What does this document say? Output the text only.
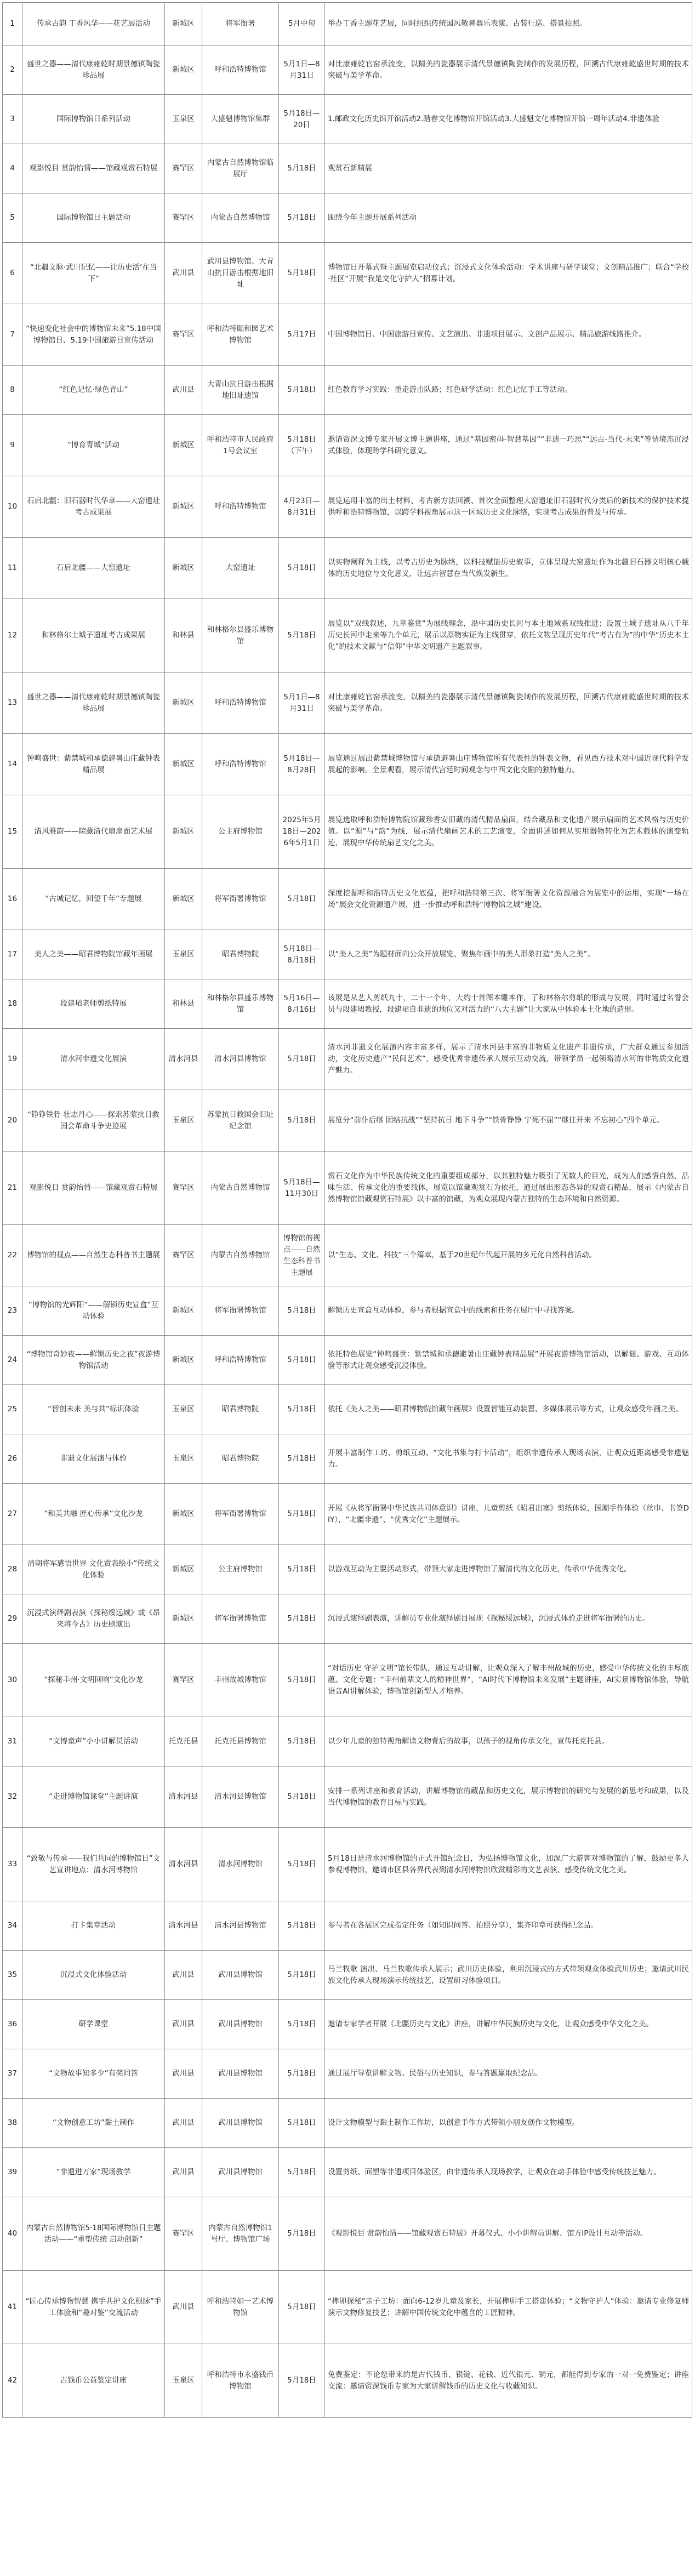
1	传承古韵 丁香风华——花艺展活动	新城区	将军衙署	5月中旬	举办丁香主题花艺展，同时组织传统国风敬晷器乐表演、古装行巡、搭景拍照。
2	盛世之器——清代康雍乾时期景德镇陶瓷珍品展	新城区	呼和浩特博物馆	5月1日—8月31日	对比康雍乾官窑承流变，以精美的瓷器展示清代景德镇陶瓷制作的发展历程，回溯古代康雍乾盛世时期的技术突破与美学革命。
3	国际博物馆日系列活动	玉泉区	大盛魁博物馆集群	5月18日—20日	1.邮政文化历史馆开馆活动2.踏春文化博物馆开馆活动3.大盛魁文化博物馆开馆一周年活动4.非遗体验
4	观影悦目 赏韵怡情——馆藏观赏石特展	赛罕区	内蒙古自然博物馆临展厅	5月18日	观赏石新精展
5	国际博物馆日主题活动	赛罕区	内蒙古自然博物馆	5月18日	围绕今年主题开展系列活动
6	“北疆文脉·武川记忆——让历史活’在当下”	武川县	武川县博物馆、大青山抗日游击根据地旧址	5月18日	博物馆日开幕式暨主题展览启动仪式；沉浸式文化体验活动：学术讲座与研学课堂；文创精品推广；联合“学校·社区”开展“我是文化守护人”招募计划。
7	“快速变化社会中的博物馆未来”5.18中国博物馆日、5.19中国旅游日宣传活动	赛罕区	呼和浩特颐和园艺术博物馆	5月17日	中国博物馆日、中国旅游日宣传、文艺演出、非遗项目展示、文创产品展示、精品旅游线路推介。
8	“红色记忆·绿色青山”	武川县	大青山抗日游击根据地旧址遗馆	5月18日	红色教育学习实践：重走游击队路；红色研学活动：红色记忆手工等活动。
9	“博育青城”活动	新城区	呼和浩特市人民政府1号会议室	5月18日（下午）	邀请资深文博专家开展文博主题讲座，通过“基因密码-智慧基因”“非遗一巧思”“远古-当代-未来”等情境态沉浸式体验，体现跨学科研究意义。
10	石启北疆：旧石器时代华章——大窑遗址考古成果展	新城区	呼和浩特博物馆	4月23日—8月31日	展览运用丰富的出土材料、考古新方法回溯、首次全面整理大窑遗址旧石器时代分类后的新技术的保护技术提供呼和浩特博物馆，以跨学科视角展示这一区域历史文化脉络，实现考古成果的普及与传承。
11	石启北疆——大窑遗址	新城区	大窑遗址	5月18日	以实物阐释为主线，以考古历史为脉络，以科技赋能历史叙事，立体呈现大窑遗址作为北疆旧石器文明核心载体的历史地位与文化意义，让远古智慧在当代焕发新生。
12	和林格尔土城子遗址考古成果展	和林县	和林格尔县盛乐博物馆	5月18日	展览以“双线叙述，九章鉴赏”为展线理念，沿中国历史长河与本土地域系双线推进；设置土城子遗址从八千年历史长河中走来等九个单元，展示以原物实证为主线贯穿，依托文物呈现历史年代“考古有为”的中华“历史本土化”的技术文献与“信仰”中华文明遗产主题叙事。
13	盛世之器——清代康雍乾时期景德镇陶瓷珍品展	新城区	呼和浩特博物馆	5月1日—8月31日	对比康雍乾官窑承流变，以精美的瓷器展示清代景德镇陶瓷制作的发展历程，回溯古代康雍乾盛世时期的技术突破与美学革命。
14	钟鸣盛世：紫禁城和承德避暑山庄藏钟表精品展	新城区	呼和浩特博物馆	5月18日—8月28日	展览通过展出紫禁城博物馆与承德避暑山庄博物馆所有代表性的钟表文物，看见西方技术对中国近现代科学发展起的影响，全景观看，展示清代宫廷时间观念与中西文化交融的独特魅力。
15	清风雅韵——院藏清代扇扇面艺术展	新城区	公主府博物馆	2025年5月18日—2026年5月1日	展览选取呼和浩特博物院馆藏珍香安旧藏的清代精品扇面，结合藏品和文化遗产展示扇面的艺术风格与历史价值。以“源”与“韵”为线，展示清代扇画艺术的工艺演变，全面讲述如何从实用器物转化为艺术载体的演变轨迹，展现中华传统扇艺文化之美。
16	“古城记忆，回望千年”专题展	新城区	将军衙署博物馆	5月18日	深度挖掘呼和浩特历史文化底蕴，把呼和浩特第三次、将军衙署文化资源融合为展览中的运用，实现“一场在场”展会文化资源遗产展，进一步推动呼和浩特“博物馆之城”建设。
17	美人之美——昭君博物院馆藏年画展	玉泉区	昭君博物院	5月18日—8月18日	以“美人之美”为题材面向公众开放展览，聚焦年画中的美人形象打造“美人之美”。
18	段建珺老师剪纸特展	和林县	和林格尔县盛乐博物馆	5月16日—8月16日	该展是从艺人剪纸九十，二十一个年，大约十首图本雕本作，了和林格尔剪纸的形成与发展，同时通过名誉会员与段建珺教授，段建珺自非遗的地位又对活力的“八大主题”让大家从中体验本土化地的造形。
19	清水河非遗文化展演	清水河县	清水河县博物馆	5月18日	清水河非遗文化展演内容丰富多样，展示了清水河县丰富的非物质文化遗产非遗传承，广大群众通过参加活动，文化历史遗产“民间艺术”，感受优秀非遗传承人展示互动交流，带领学员一起领略清水河的非物质文化遗产魅力。
20	“铮铮铁骨 壮志丹心——探索苏蒙抗日救国会革命斗争史迹展	玉泉区	苏蒙抗日救国会旧址纪念馆	5月18日	展览分“前仆后继 团结抗战”“坚持抗日 地下斗争”“铁骨铮铮 宁死不屈”“继往开来 不忘初心”四个单元。
21	观影悦目 赏韵怡情——馆藏观赏石特展	赛罕区	内蒙古自然博物馆	5月18日—11月30日	赏石文化作为中华民族传统文化的重要组成部分，以其独特魅力吸引了无数人的目光，成为人们感悟自然、品味生活、传承文化的重要载体，展览以馆藏观赏石为依托，通过展出形态各异的观赏石精品，展示《内蒙古自然博物馆馆藏观赏石特展》以丰富的馆藏，为观众展现内蒙古独特的生态环境和自然资源。
22	博物馆的视点——自然生态科普书主题展	赛罕区	内蒙古自然博物馆	博物馆的视点——自然生态科普书主题展	以“生态、文化、科技”三个篇章，基于20世纪年代起开展的多元化自然科普活动。
23	“博物馆的光辉阳”——解锁历史宣盒”互动体验	新城区	将军衙署博物馆	5月18日	解锁历史宣盒互动体验，参与者根据宣盒中的线索和任务在展厅中寻找答案。
24	“博物馆奇妙夜——解锁历史之夜”夜游博物馆活动	新城区	呼和浩特博物馆	5月18日	依托特色展览“钟鸣盛世：紫禁城和承德避暑山庄藏钟表精品展”开展夜游博物馆活动，以解谜、游戏、互动体验等形式让观众感受沉浸体验。
25	“智创未来 美与共”标识体验	玉泉区	昭君博物院	5月18日	依托《美人之美——昭君博物院馆藏年画展》设置智能互动装置、多媒体展示等方式，让观众感受年画之美。
26	非遗文化展演与体验	玉泉区	昭君博物院	5月18日	开展丰富制作工坊、剪纸互动、“文化书集与打卡活动”，组织非遗传承人现场表演，让观众近距离感受非遗魅力。
27	“和美共融 匠心传承”文化沙龙	新城区	将军衙署博物馆	5月18日	开展《从将军衙署中华民族共同体意识》讲座，儿童剪纸《昭君出塞》剪纸体验，国潮手作体验（丝巾、书签DIY），“北疆非遗”、“优秀文化”主题展示。
28	清朝将军感悟世界 文化赏表绘小”传统文化体验	新城区	公主府博物馆	5月18日	以游戏互动为主要活动形式，带领大家走进博物馆了解清代的文化历史，传承中华优秀文化。
29	沉浸式演绎剧表演《探秘绥远城》或《昂来将今古》历史剧演出	新城区	将军衙署博物馆	5月18日	沉浸式演绎剧表演，讲解员专业化演绎剧目展现《探秘绥远城》，沉浸式体验走进将军衙署的历史。
30	“探秘丰州·文明回响”文化沙龙	赛罕区	丰州故城博物馆	5月18日	“对话历史 守护文明”馆长带队，通过互动讲解，让观众深入了解丰州故城的历史，感受中华传统文化的丰厚底蕴。文化专题：“丰州前辈文人的精神世界”，“AI时代下博物馆未来发展”主题讲座，AI实景博物馆体验，导航语音AI讲解体验，博物馆创新型人才培养。
31	“文博童声”小小讲解员活动	托克托县	托克托县博物馆	5月18日	以少年儿童的独特视角解读文物背后的故事，以孩子的视角传承文化，宣传托克托县。
32	“走进博物馆课堂”主题讲演	清水河县	清水河县博物馆	5月18日	安排一系列讲座和教育活动，讲解博物馆的藏品和历史文化，展示博物馆的研究与发展的新思考和成果，以及当代博物馆的教育目标与实践。
33	“致敬与传承——我们共同的博物馆日”文艺宣讲地点：清水河博物馆	清水河县	清水河博物馆	5月18日	5月18日是清水河博物馆的正式开馆纪念日，为弘扬博物馆文化，加深广大游客对博物馆的了解，鼓励更多人参观博物馆，邀请市区县各界代表到清水河博物馆欣赏精彩的文艺表演、感受传统文化之美。
34	打卡集章活动	清水河县	清水河县博物馆	5月18日	参与者在各展区完成指定任务（如知识问答、拍照分享），集齐印章可获得纪念品。
35	沉浸式文化体验活动	武川县	武川县博物馆	5月18日	马兰牧歌 演出、马兰牧歌传承人展示；武川历史体验，利用沉浸式的方式带领观众体验武川历史；邀请武川民族文化传承人现场演示传统技艺，设置研习体验项目。
36	研学课堂	武川县	武川县博物馆	5月18日	邀请专家学者开展《北疆历史与文化》讲座，讲解中华民族历史与文化，让观众感受中华文化之美。
37	“文物故事知多少”有奖问答	武川县	武川县博物馆	5月18日	通过展厅导览讲解文物、民俗与历史知识，参与答题赢取纪念品。
38	“文物创意工坊”黏土制作	武川县	武川县博物馆	5月18日	设计文物模型与黏土制作工作坊，以创意手作方式带领小朋友创作文物模型。
39	“非遗进万家”现场教学	武川县	武川县博物馆	5月18日	设置剪纸、面塑等非遗项目体验区，由非遗传承人现场教学，让观众在动手体验中感受传统技艺魅力。
40	内蒙古自然博物馆5·18国际博物馆日主题活动——“重塑传统 启动创新”	赛罕区	内蒙古自然博物馆1号厅、博物馆广场	5月18日	《观影悦目 赏韵怡情——馆藏观赏石特展》开幕仪式、小小讲解员讲解、馆方IP设计互动等活动。
41	“匠心传承博物智慧 携手共护文化根脉”手工体验和“趣对鉴”交流活动	武川县	呼和浩特如一艺术博物馆	5月18日	“榫卯探秘”亲子工坊：面向6-12岁儿童及家长，开展榫卯手工搭建体验；“文物守护人”体验：邀请专业修复师演示文物修复技艺；讲解中国传统文化中蕴含的工匠精神。
42	古钱币公益鉴定讲座	玉泉区	呼和浩特市永盛钱币博物馆	5月18日	免费鉴定：不论您带来的是古代钱币、银锭、花钱、近代银元、铜元，都能得到专家的一对一免费鉴定；讲座交流：邀请资深钱币专家为大家讲解钱币的历史文化与收藏知识。
